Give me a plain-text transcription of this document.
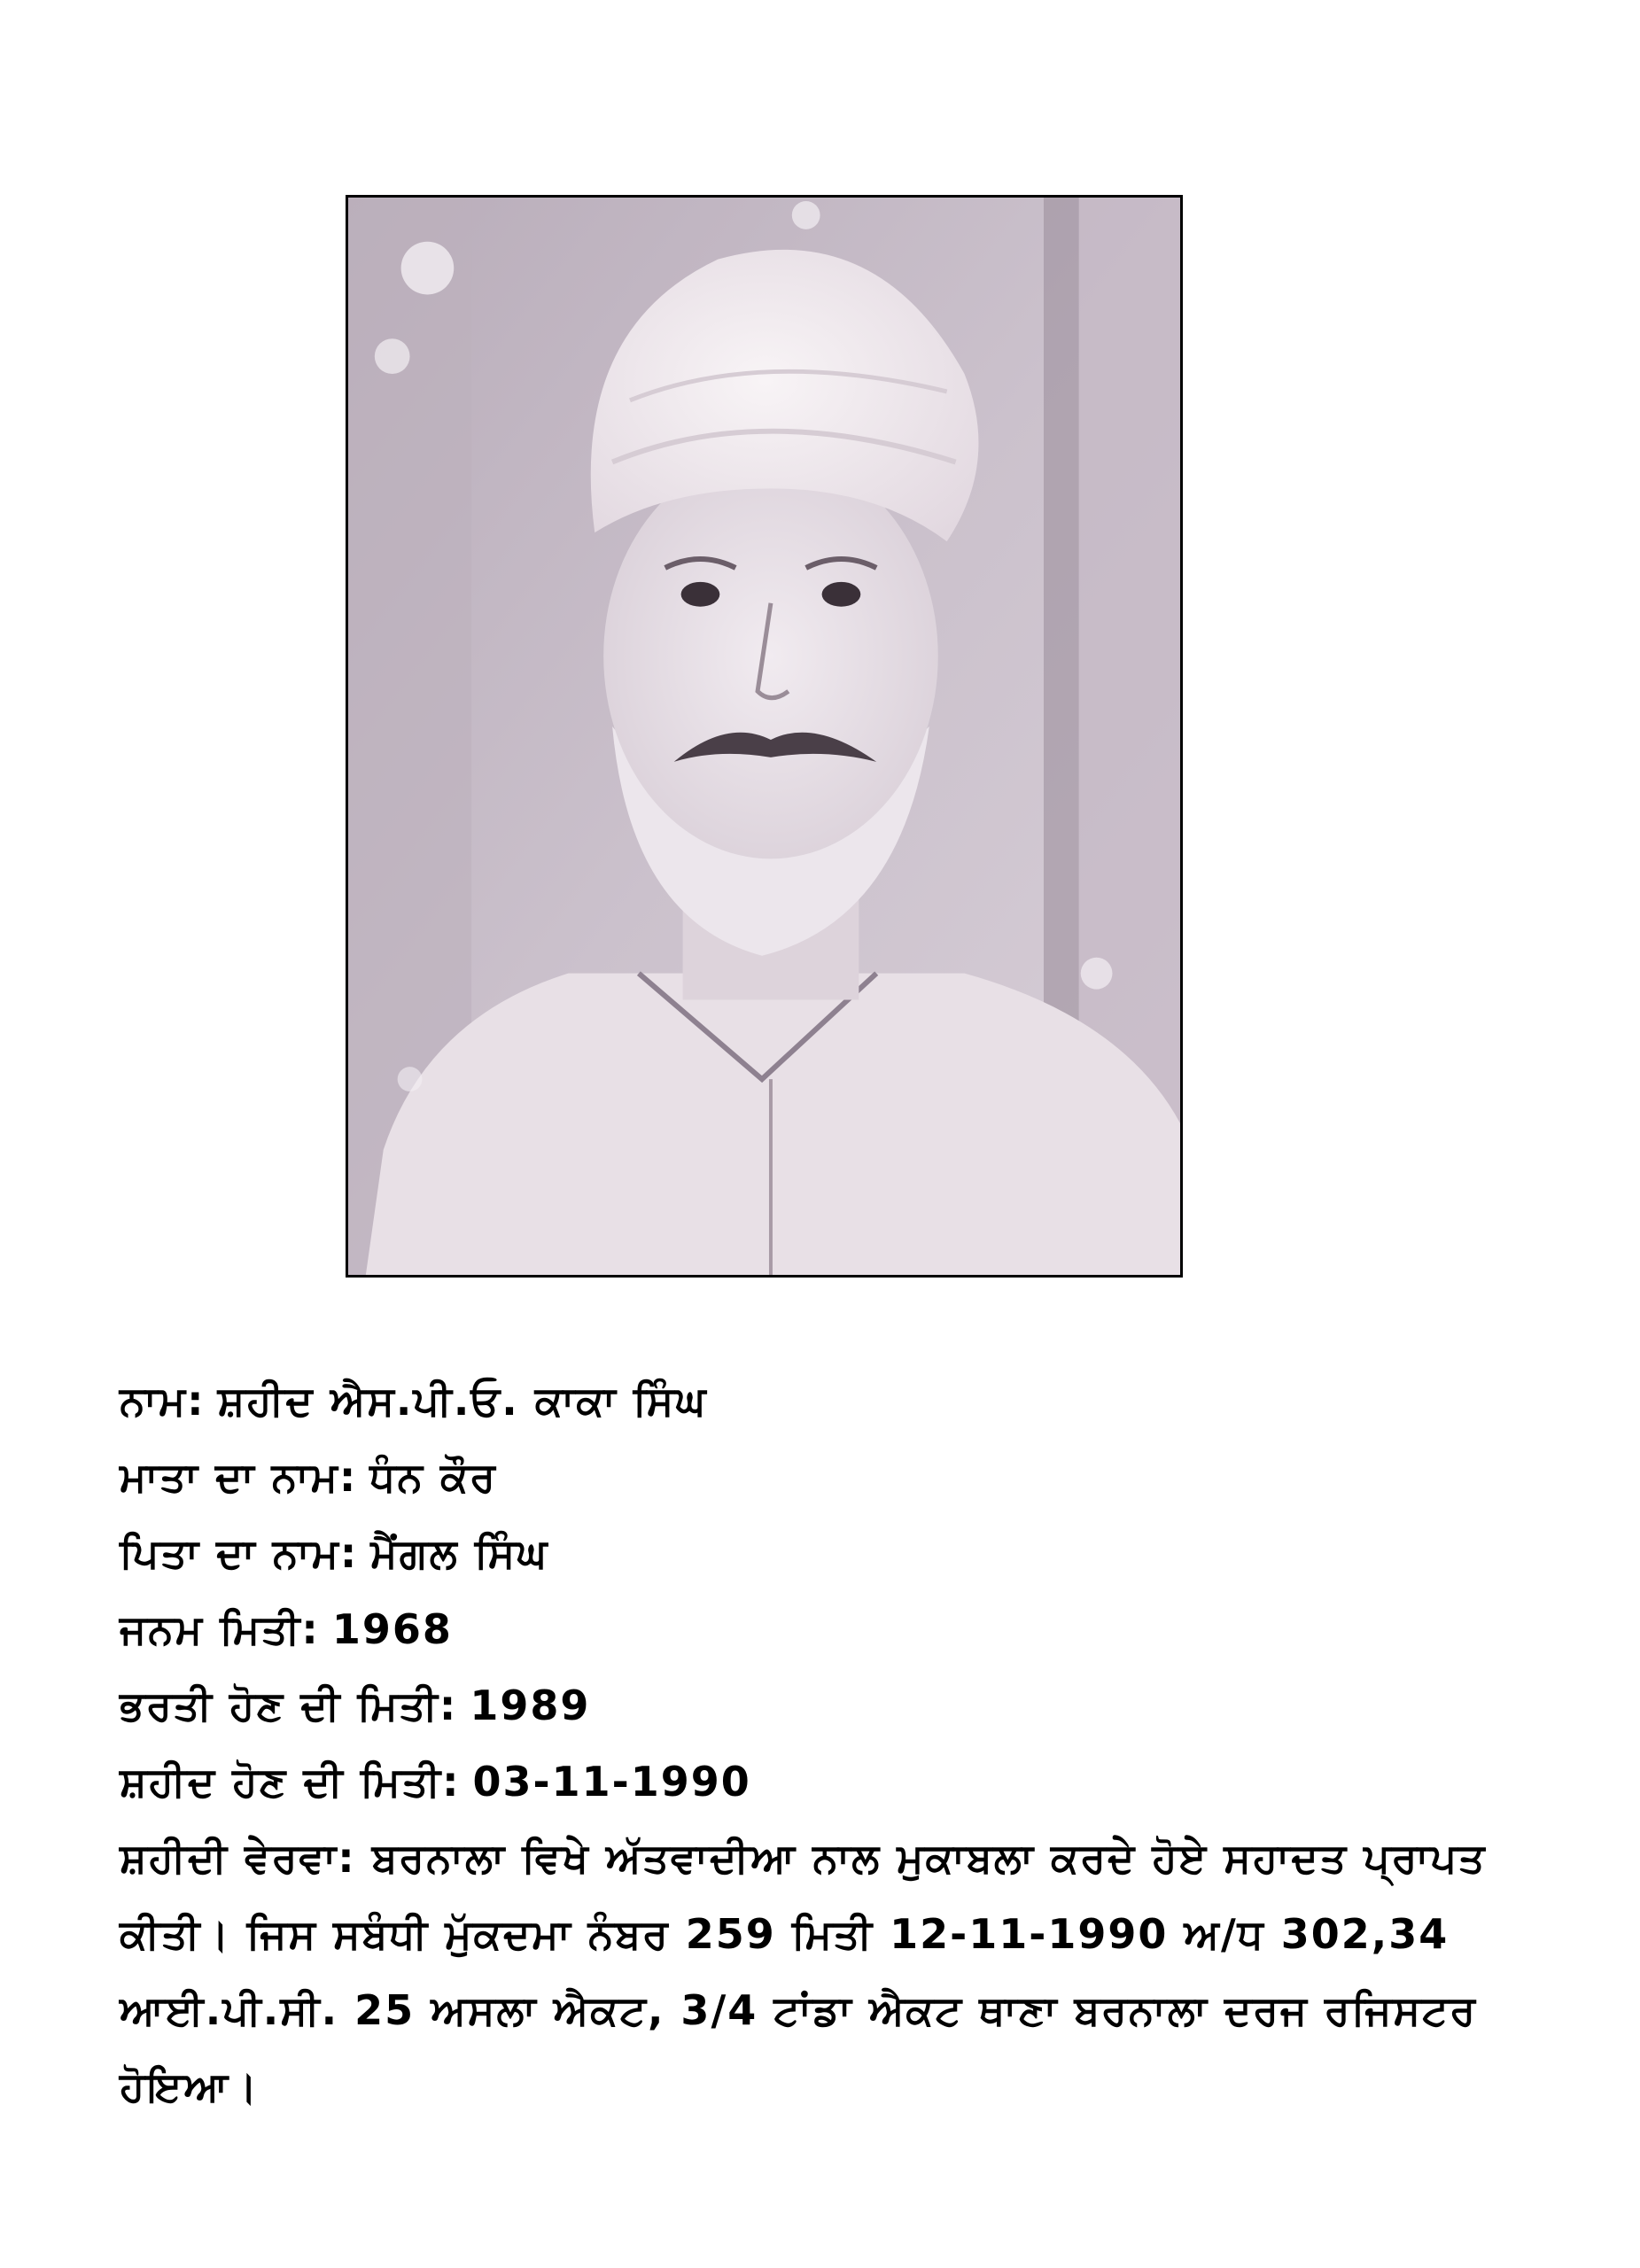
ਨਾਮ: ਸ਼ਹੀਦ ਐਸ.ਪੀ.ਓ. ਕਾਕਾ ਸਿੰਘ
ਮਾਤਾ ਦਾ ਨਾਮ: ਧੰਨ ਕੌਰ
ਪਿਤਾ ਦਾ ਨਾਮ: ਮੈਂਗਲ ਸਿੰਘ
ਜਨਮ ਮਿਤੀ: 1968
ਭਰਤੀ ਹੋਣ ਦੀ ਮਿਤੀ: 1989
ਸ਼ਹੀਦ ਹੋਣ ਦੀ ਮਿਤੀ: 03-11-1990
ਸ਼ਹੀਦੀ ਵੇਰਵਾ: ਬਰਨਾਲਾ ਵਿਖੇ ਅੱਤਵਾਦੀਆ ਨਾਲ ਮੁਕਾਬਲਾ ਕਰਦੇ ਹੋਏ ਸਹਾਦਤ ਪ੍ਰਾਪਤ ਕੀਤੀ। ਜਿਸ ਸਬੰਧੀ ਮੁੱਕਦਮਾ ਨੰਬਰ 259 ਮਿਤੀ 12-11-1990 ਅ/ਧ 302,34 ਆਈ.ਪੀ.ਸੀ. 25 ਅਸਲਾ ਐਕਟ, 3/4 ਟਾਂਡਾ ਐਕਟ ਥਾਣਾ ਬਰਨਾਲਾ ਦਰਜ ਰਜਿਸਟਰ ਹੋਇਆ।
